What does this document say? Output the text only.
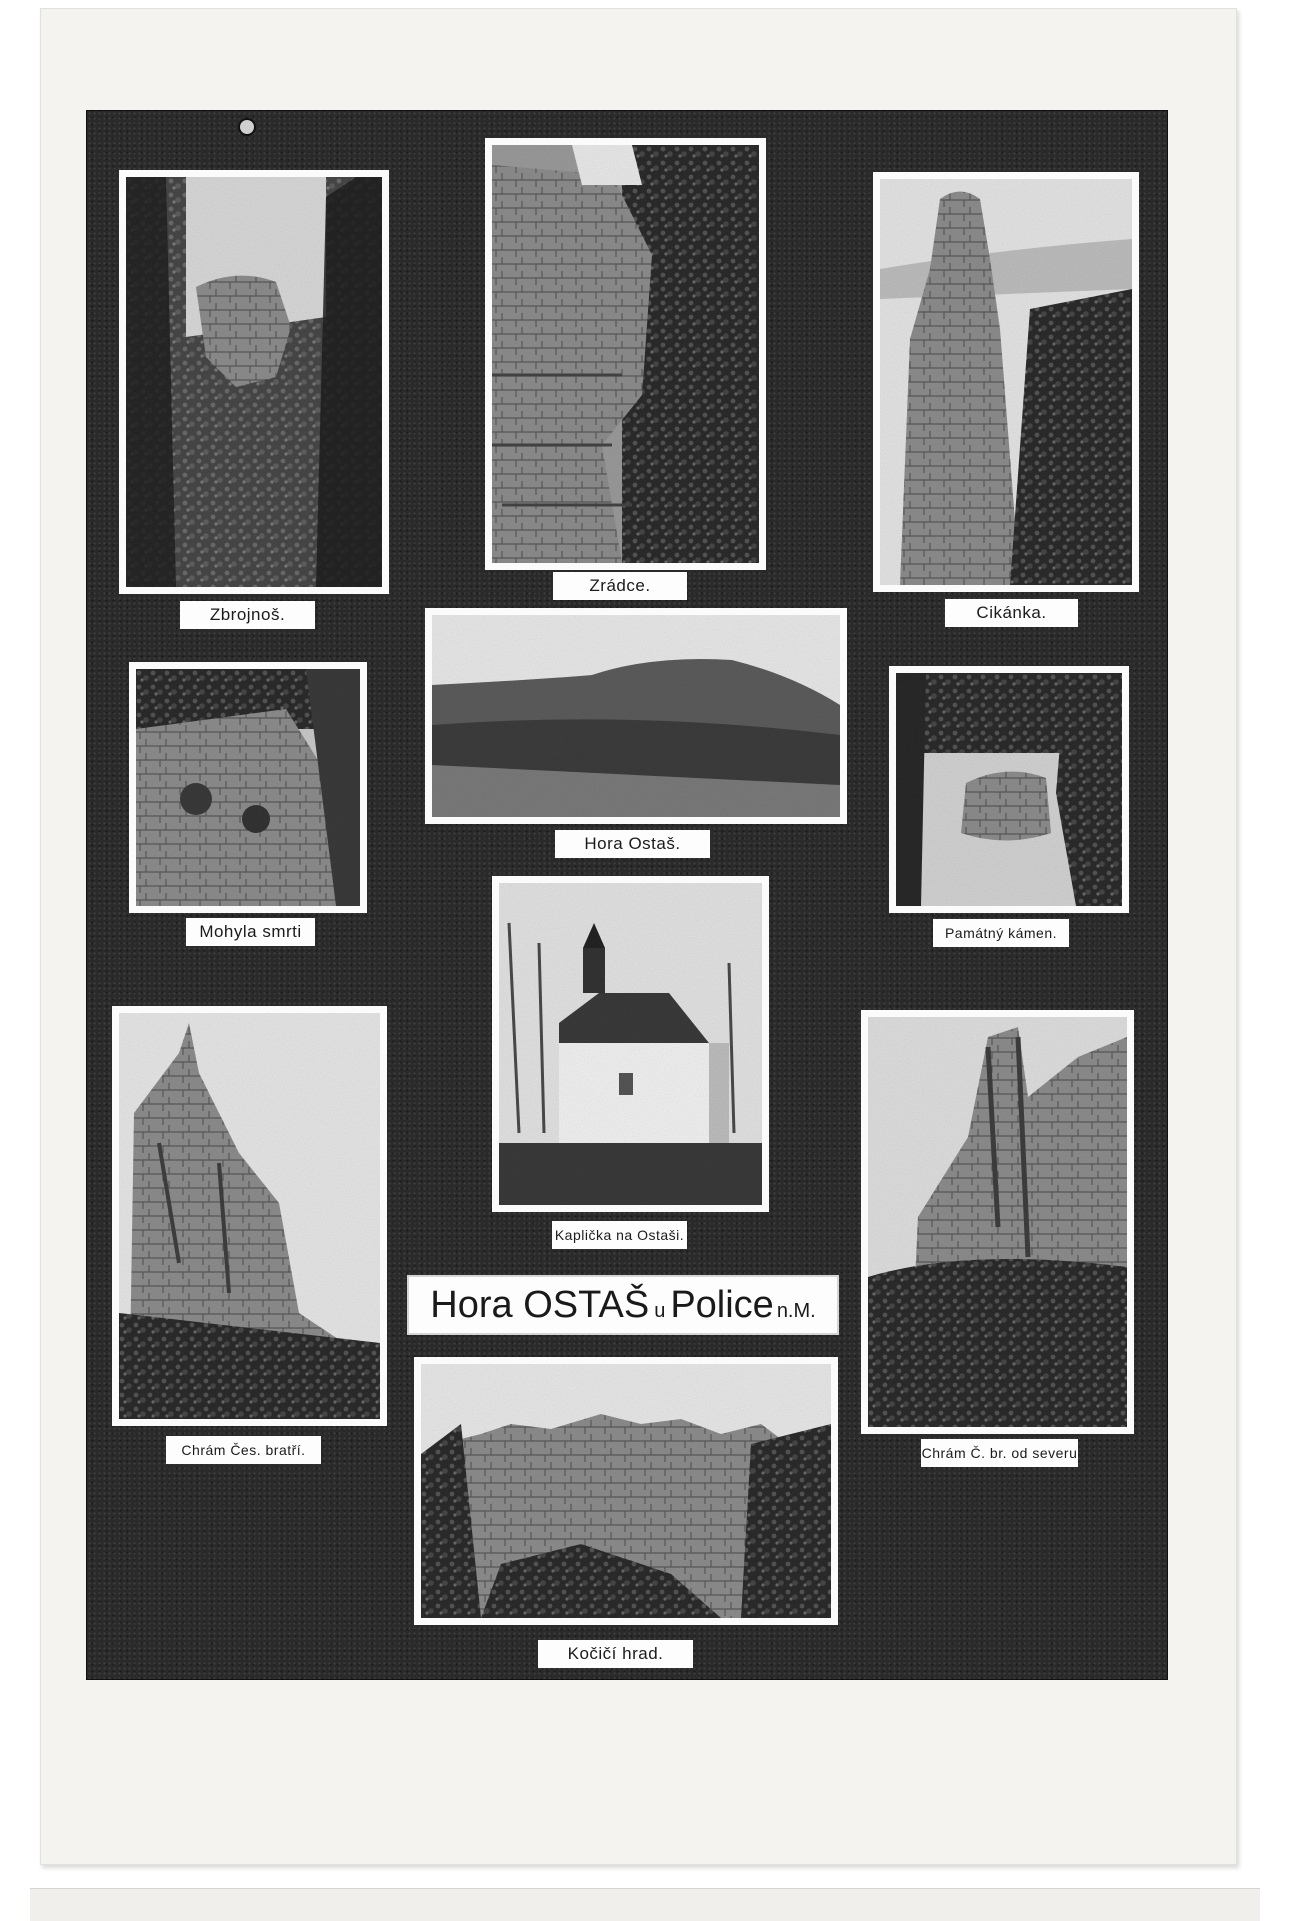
Zbrojnoš.
Zrádce.
Cikánka.
Mohyla smrti
Hora Ostaš.
Památný kámen.
Kaplička na Ostaši.
Hora OSTAŠ u Police n.M.
Chrám Čes. bratří.	Chrám Č. br. od severu
Kočičí hrad.
